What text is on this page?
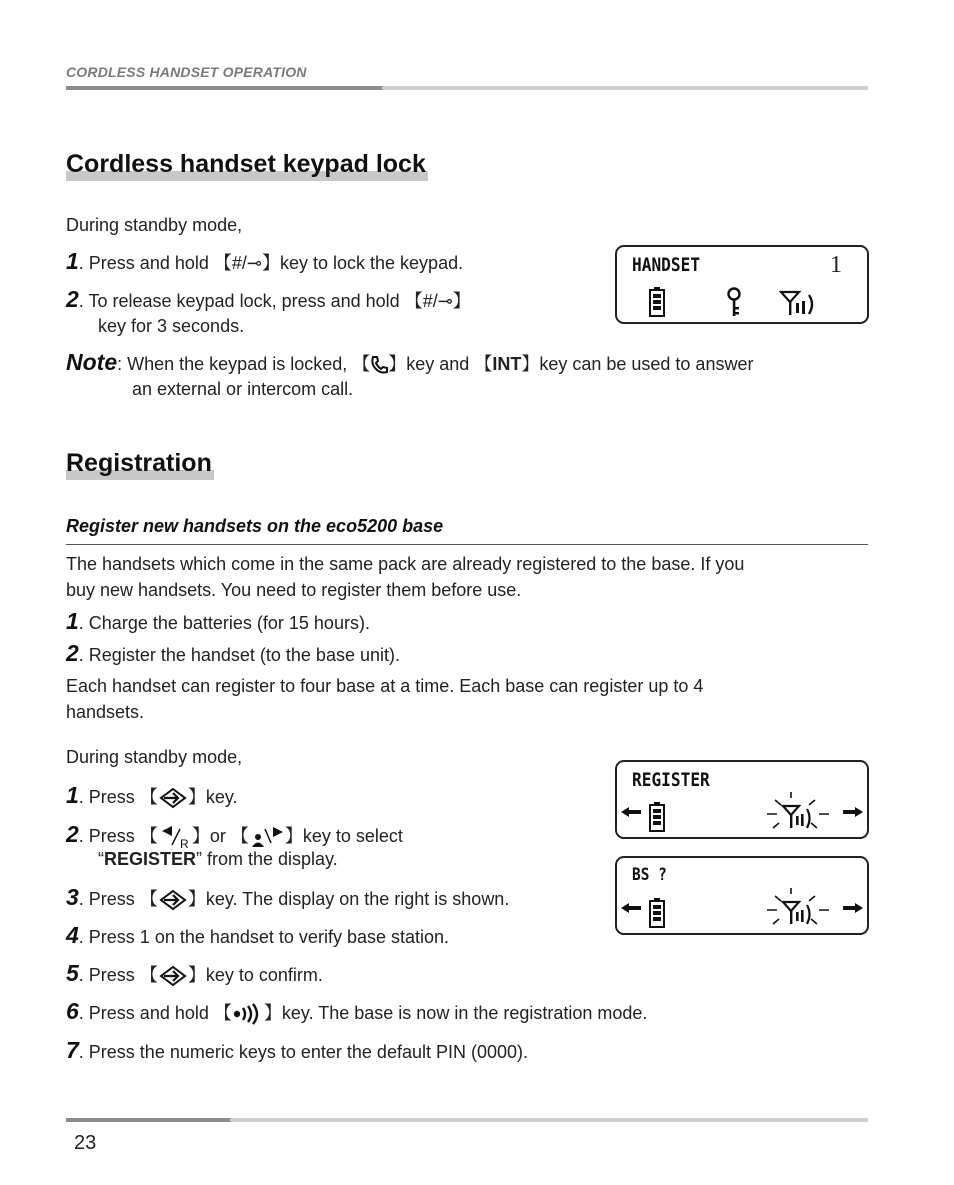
CORDLESS HANDSET OPERATION
Cordless handset keypad lock
During standby mode,
1. Press and hold 【#/⊸】key to lock the keypad.
2. To release keypad lock, press and hold 【#/⊸】
key for 3 seconds.
Note: When the keypad is locked, 【 】key and 【INT】key can be used to answer
an external or intercom call.
HANDSET	1
Registration
Register new handsets on the eco5200 base
The handsets which come in the same pack are already registered to the base. If you
buy new handsets. You need to register them before use.
1. Charge the batteries (for 15 hours).
2. Register the handset (to the base unit).
Each handset can register to four base at a time. Each base can register up to 4
handsets.
During standby mode,
1. Press 【 】key.
2. Press 【 R 】or 【 】key to select
“REGISTER” from the display.
3. Press 【 】key. The display on the right is shown.
4. Press 1 on the handset to verify base station.
5. Press 【 】key to confirm.
6. Press and hold 【 】key. The base is now in the registration mode.
7. Press the numeric keys to enter the default PIN (0000).
REGISTER
BS ?
23
